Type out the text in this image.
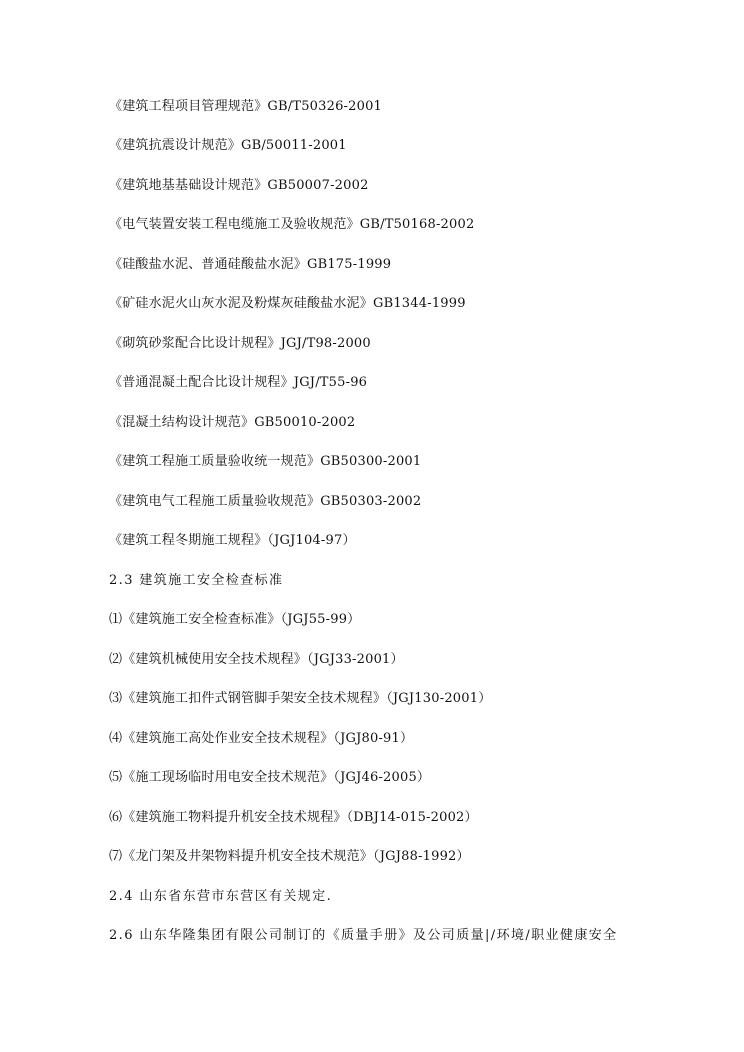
《建筑工程项目管理规范》GB/T50326-2001
《建筑抗震设计规范》GB/50011-2001
《建筑地基基础设计规范》GB50007-2002
《电气装置安装工程电缆施工及验收规范》GB/T50168-2002
《硅酸盐水泥、普通硅酸盐水泥》GB175-1999
《矿硅水泥火山灰水泥及粉煤灰硅酸盐水泥》GB1344-1999
《砌筑砂浆配合比设计规程》JGJ/T98-2000
《普通混凝土配合比设计规程》JGJ/T55-96
《混凝土结构设计规范》GB50010-2002
《建筑工程施工质量验收统一规范》GB50300-2001
《建筑电气工程施工质量验收规范》GB50303-2002
《建筑工程冬期施工规程》（JGJ104-97）
2.3 建筑施工安全检查标准
⑴《建筑施工安全检查标准》（JGJ55-99）
⑵《建筑机械使用安全技术规程》（JGJ33-2001）
⑶《建筑施工扣件式钢管脚手架安全技术规程》（JGJ130-2001）
⑷《建筑施工高处作业安全技术规程》（JGJ80-91）
⑸《施工现场临时用电安全技术规范》（JGJ46-2005）
⑹《建筑施工物料提升机安全技术规程》（DBJ14-015-2002）
⑺《龙门架及井架物料提升机安全技术规范》（JGJ88-1992）
2.4 山东省东营市东营区有关规定.
2.6 山东华隆集团有限公司制订的《质量手册》及公司质量|/环境/职业健康安全
